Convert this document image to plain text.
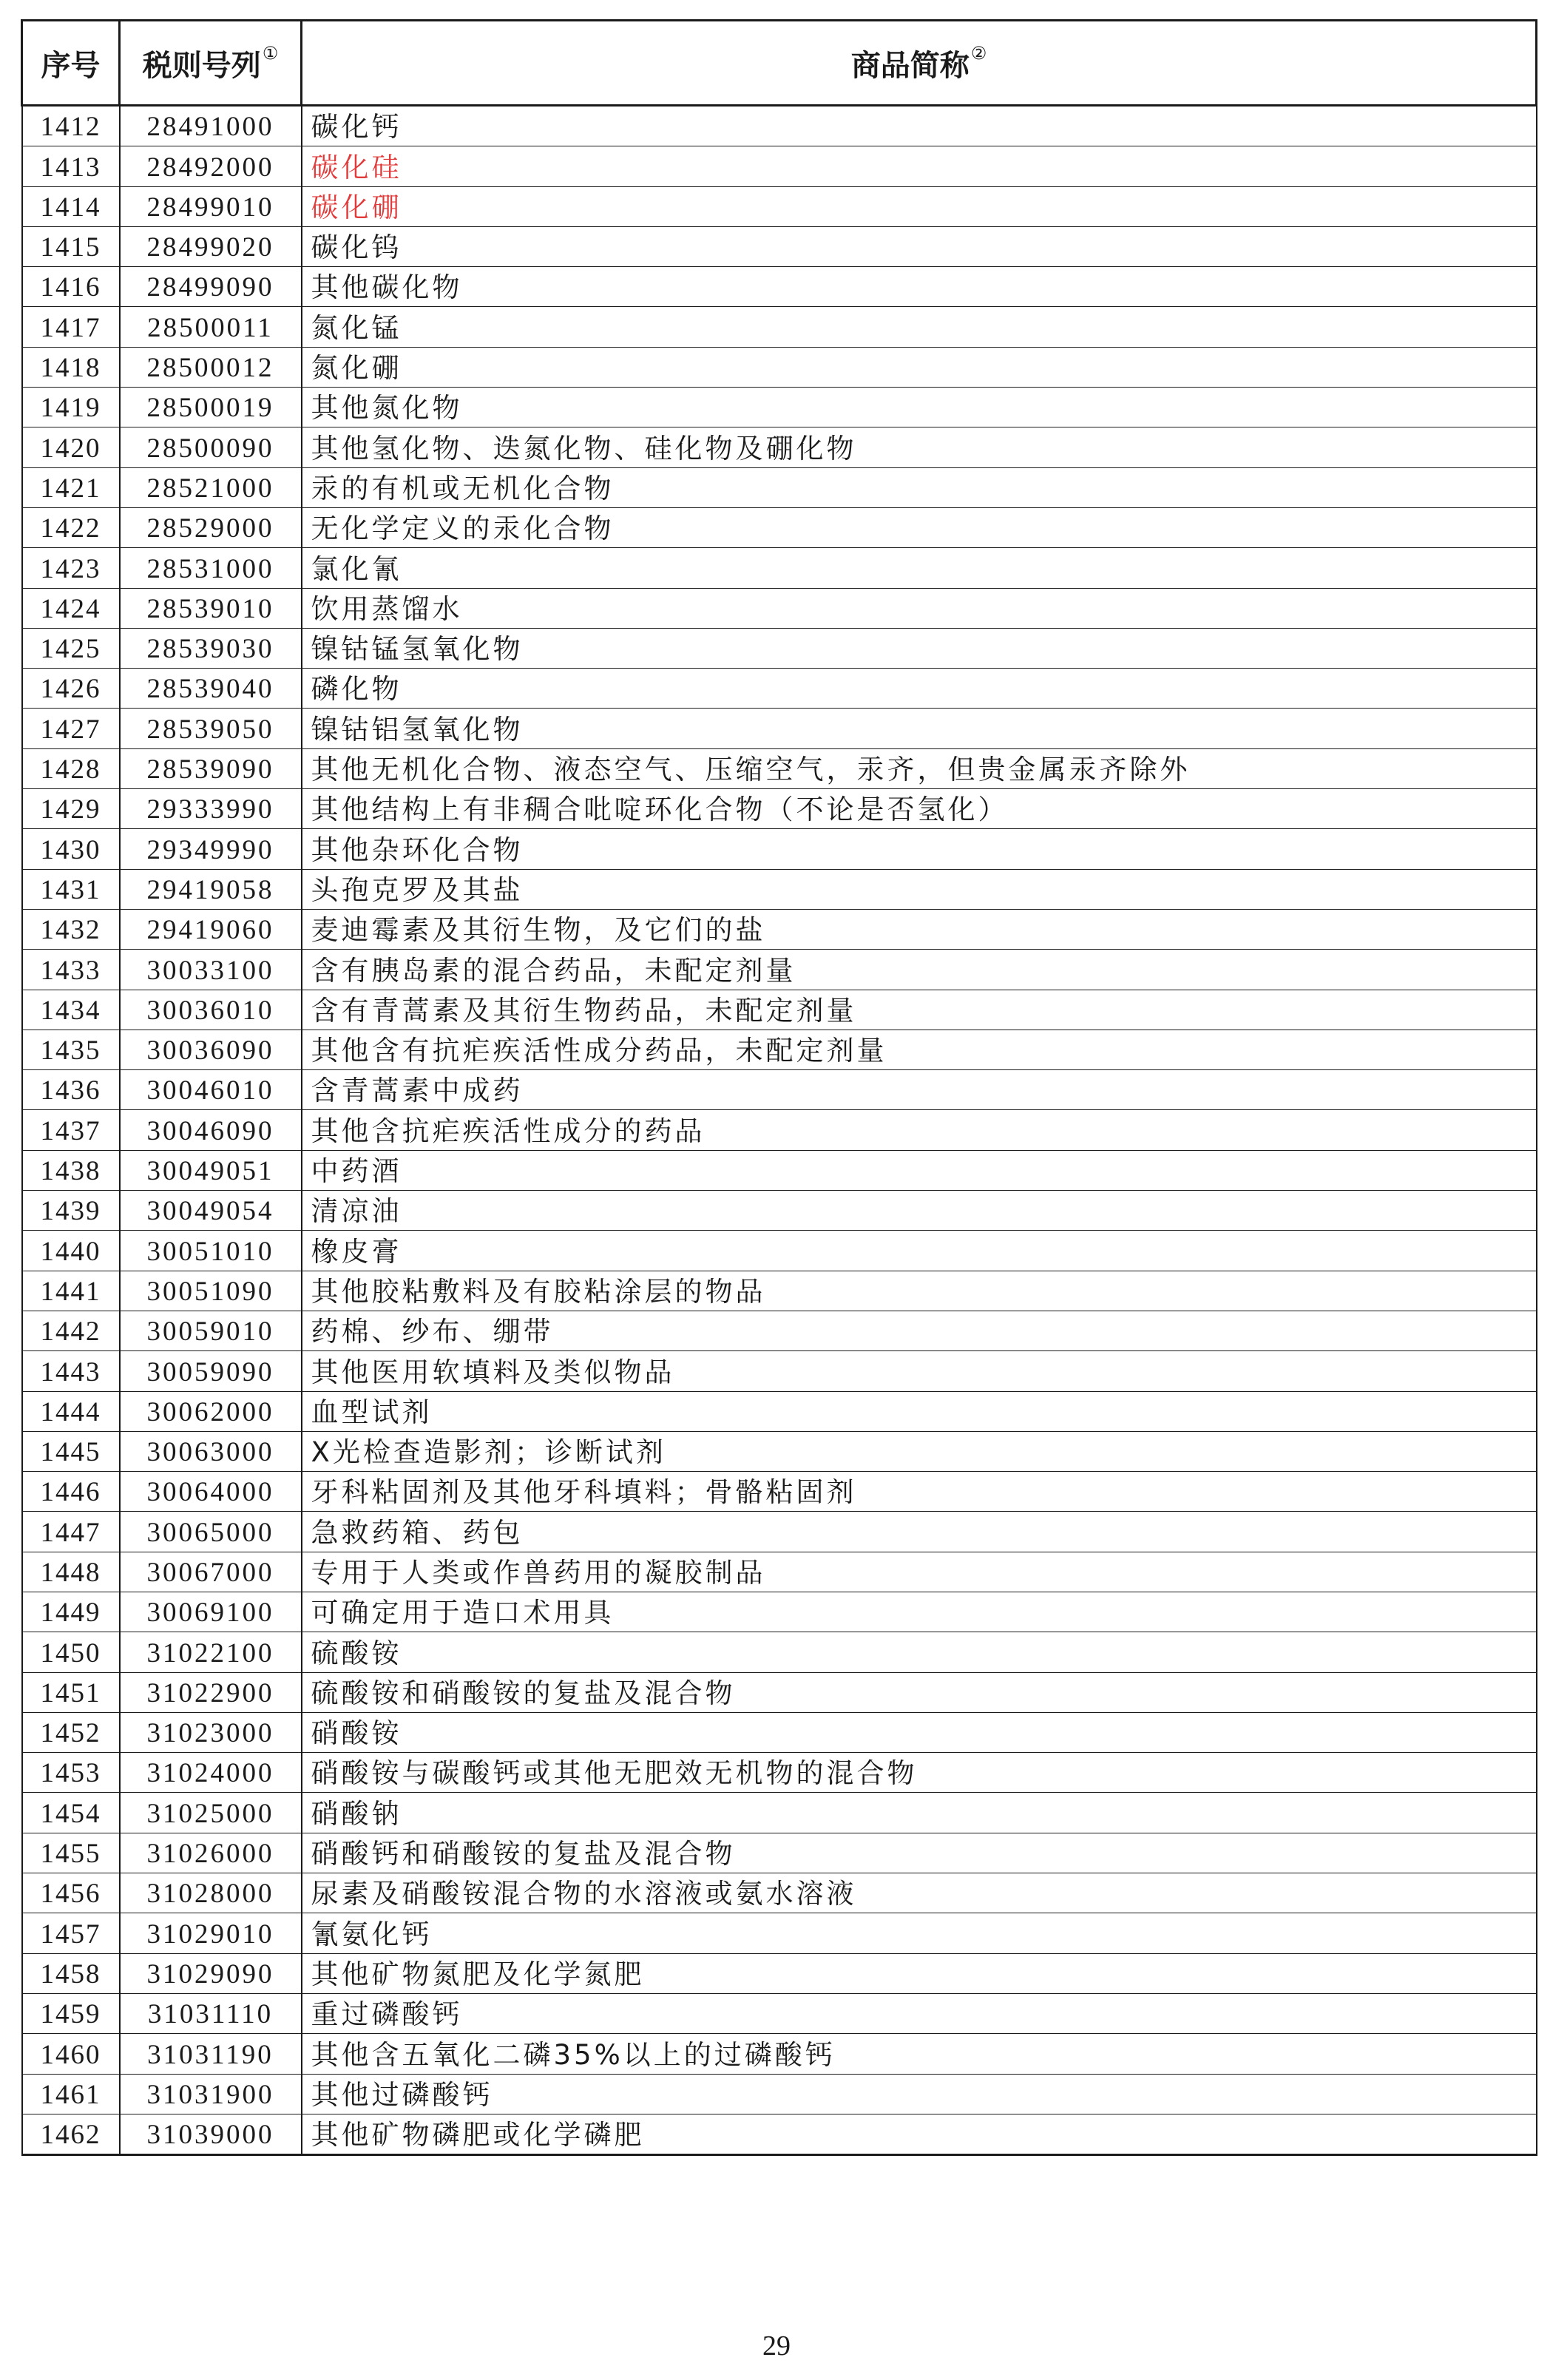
序号	税则号列①	商品简称②
1412	28491000	碳化钙
1413	28492000	碳化硅
1414	28499010	碳化硼
1415	28499020	碳化钨
1416	28499090	其他碳化物
1417	28500011	氮化锰
1418	28500012	氮化硼
1419	28500019	其他氮化物
1420	28500090	其他氢化物、迭氮化物、硅化物及硼化物
1421	28521000	汞的有机或无机化合物
1422	28529000	无化学定义的汞化合物
1423	28531000	氯化氰
1424	28539010	饮用蒸馏水
1425	28539030	镍钴锰氢氧化物
1426	28539040	磷化物
1427	28539050	镍钴铝氢氧化物
1428	28539090	其他无机化合物、液态空气、压缩空气，汞齐，但贵金属汞齐除外
1429	29333990	其他结构上有非稠合吡啶环化合物（不论是否氢化）
1430	29349990	其他杂环化合物
1431	29419058	头孢克罗及其盐
1432	29419060	麦迪霉素及其衍生物，及它们的盐
1433	30033100	含有胰岛素的混合药品，未配定剂量
1434	30036010	含有青蒿素及其衍生物药品，未配定剂量
1435	30036090	其他含有抗疟疾活性成分药品，未配定剂量
1436	30046010	含青蒿素中成药
1437	30046090	其他含抗疟疾活性成分的药品
1438	30049051	中药酒
1439	30049054	清凉油
1440	30051010	橡皮膏
1441	30051090	其他胶粘敷料及有胶粘涂层的物品
1442	30059010	药棉、纱布、绷带
1443	30059090	其他医用软填料及类似物品
1444	30062000	血型试剂
1445	30063000	X光检查造影剂；诊断试剂
1446	30064000	牙科粘固剂及其他牙科填料；骨骼粘固剂
1447	30065000	急救药箱、药包
1448	30067000	专用于人类或作兽药用的凝胶制品
1449	30069100	可确定用于造口术用具
1450	31022100	硫酸铵
1451	31022900	硫酸铵和硝酸铵的复盐及混合物
1452	31023000	硝酸铵
1453	31024000	硝酸铵与碳酸钙或其他无肥效无机物的混合物
1454	31025000	硝酸钠
1455	31026000	硝酸钙和硝酸铵的复盐及混合物
1456	31028000	尿素及硝酸铵混合物的水溶液或氨水溶液
1457	31029010	氰氨化钙
1458	31029090	其他矿物氮肥及化学氮肥
1459	31031110	重过磷酸钙
1460	31031190	其他含五氧化二磷35%以上的过磷酸钙
1461	31031900	其他过磷酸钙
1462	31039000	其他矿物磷肥或化学磷肥
29
